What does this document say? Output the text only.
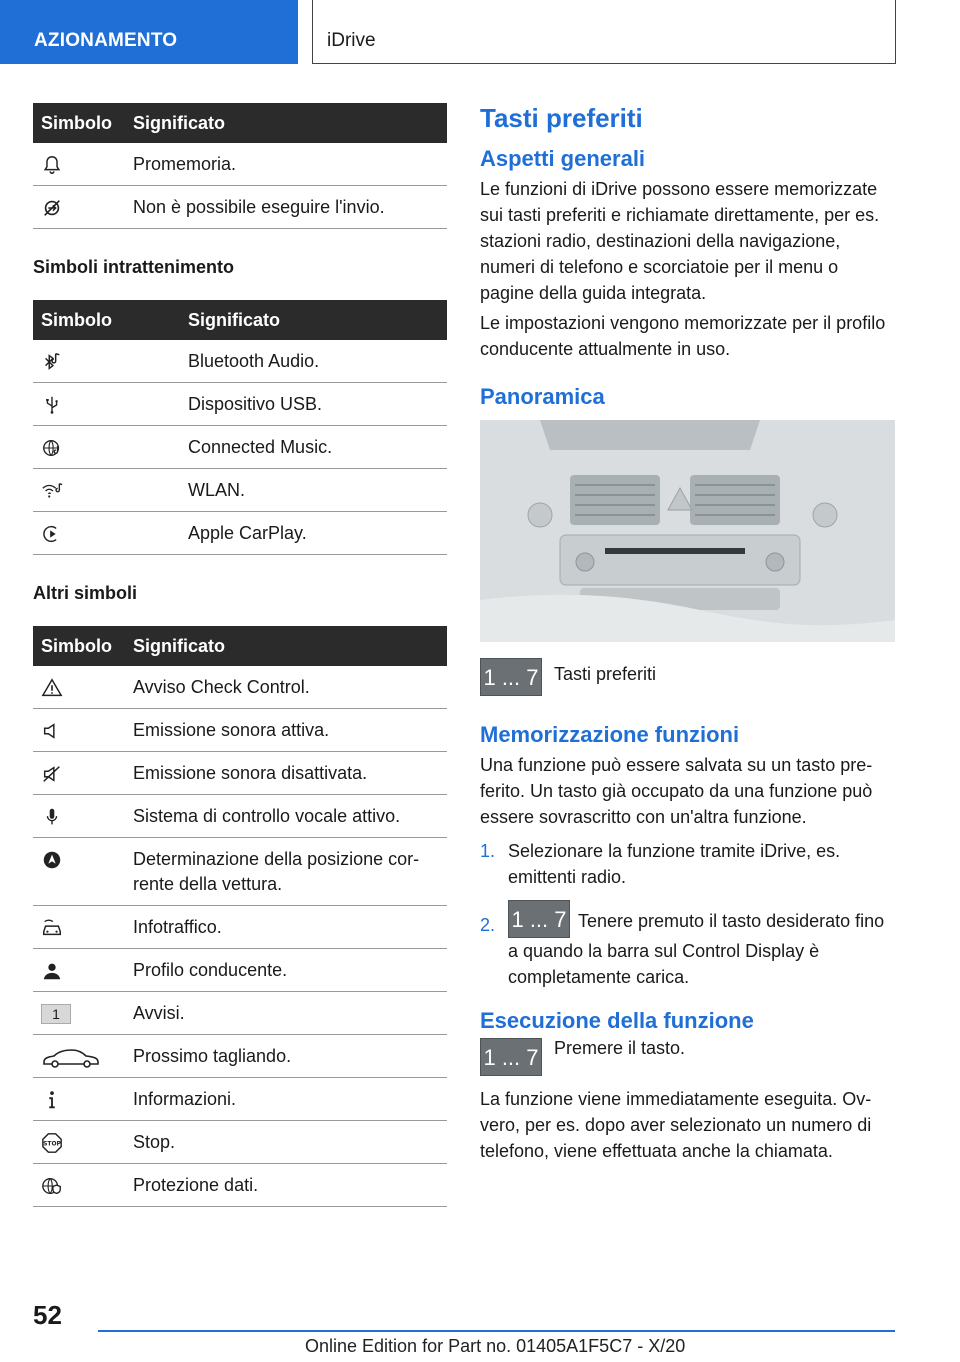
AZIONAMENTO	iDrive
Simbolo	Significato

	Promemoria.

	Non è possibile eseguire l'invio.
Simboli intrattenimento
Simbolo	Significato

	Bluetooth Audio.

	Dispositivo USB.

	Connected Music.

	WLAN.

	Apple CarPlay.
Altri simboli
Simbolo	Significato

	Avviso Check Control.

	Emissione sonora attiva.

	Emissione sonora disattivata.

	Sistema di controllo vocale attivo.

	Determinazione della posizione corrente della vettura.

	Infotraffico.

	Profilo conducente.
1	Avvisi.

	Prossimo tagliando.

	Informazioni.

STOP	Stop.

	Protezione dati.
Tasti preferiti
Aspetti generali

Le funzioni di iDrive possono essere memorizzate sui tasti preferiti e richiamate direttamente, per es. stazioni radio, destinazioni della navigazione, numeri di telefono e scorciatoie per il menu o pagine della guida integrata.

Le impostazioni vengono memorizzate per il profilo conducente attualmente in uso.

Panoramica
1 ... 7 Tasti preferiti
Memorizzazione funzioni

Una funzione può essere salvata su un tasto preferito. Un tasto già occupato da una funzione può essere sovrascritto con un'altra funzione.

1. Selezionare la funzione tramite iDrive, es. emittenti radio.
2. 1 ... 7 Tenere premuto il tasto desiderato fino a quando la barra sul Control Display è completamente carica.
Esecuzione della funzione
1 ... 7 Premere il tasto.

La funzione viene immediatamente eseguita. Ovvero, per es. dopo aver selezionato un numero di telefono, viene effettuata anche la chiamata.

52
Online Edition for Part no. 01405A1F5C7 - X/20
